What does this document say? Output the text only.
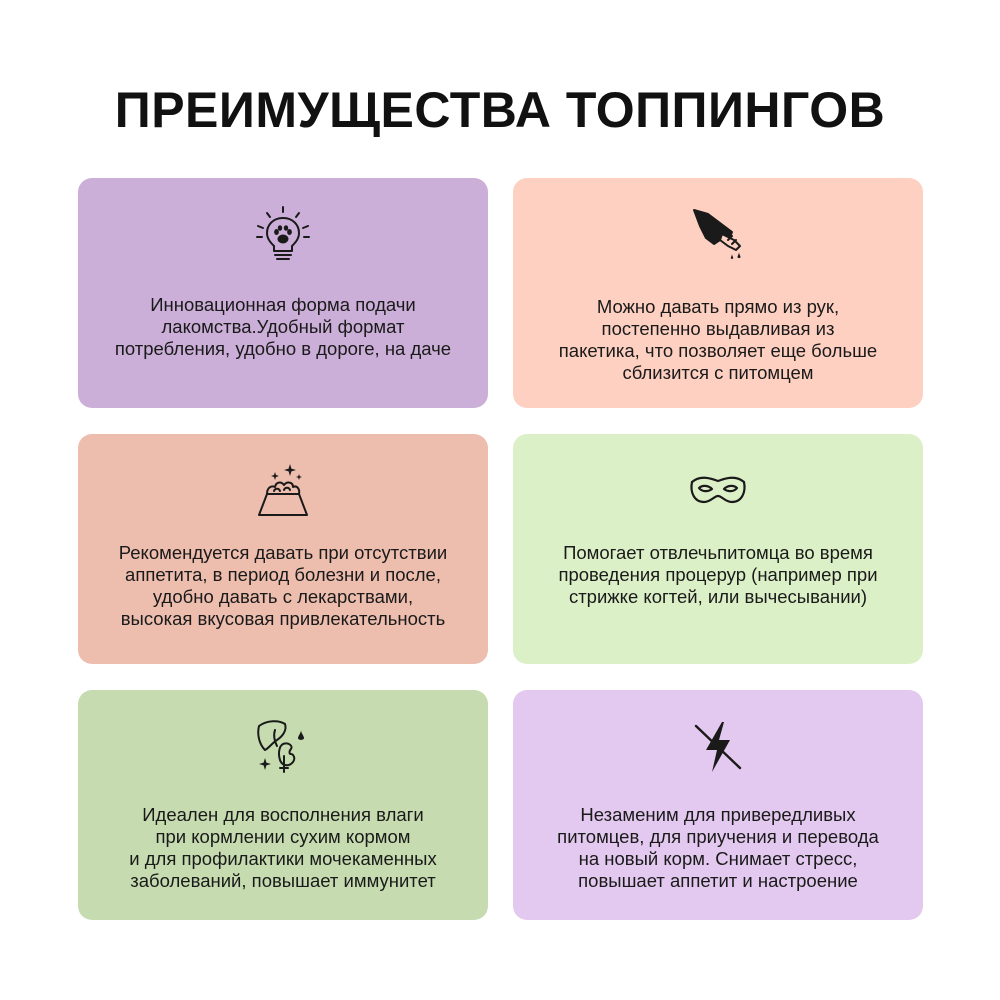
ПРЕИМУЩЕСТВА ТОППИНГОВ
Инновационная форма подачи
лакомства.Удобный формат
потребления, удобно в дороге, на даче
Можно давать прямо из рук,
постепенно выдавливая из
пакетика, что позволяет еще больше
сблизится с питомцем
Рекомендуется давать при отсутствии
аппетита, в период болезни и после,
удобно давать с лекарствами,
высокая вкусовая привлекательность
Помогает отвлечьпитомца во время
проведения процерур (например при
стрижке когтей, или вычесывании)
Идеален для восполнения влаги
при кормлении сухим кормом
и для профилактики мочекаменных
заболеваний, повышает иммунитет
Незаменим для привередливых
питомцев, для приучения и перевода
на новый корм. Снимает стресс,
повышает аппетит и настроение
